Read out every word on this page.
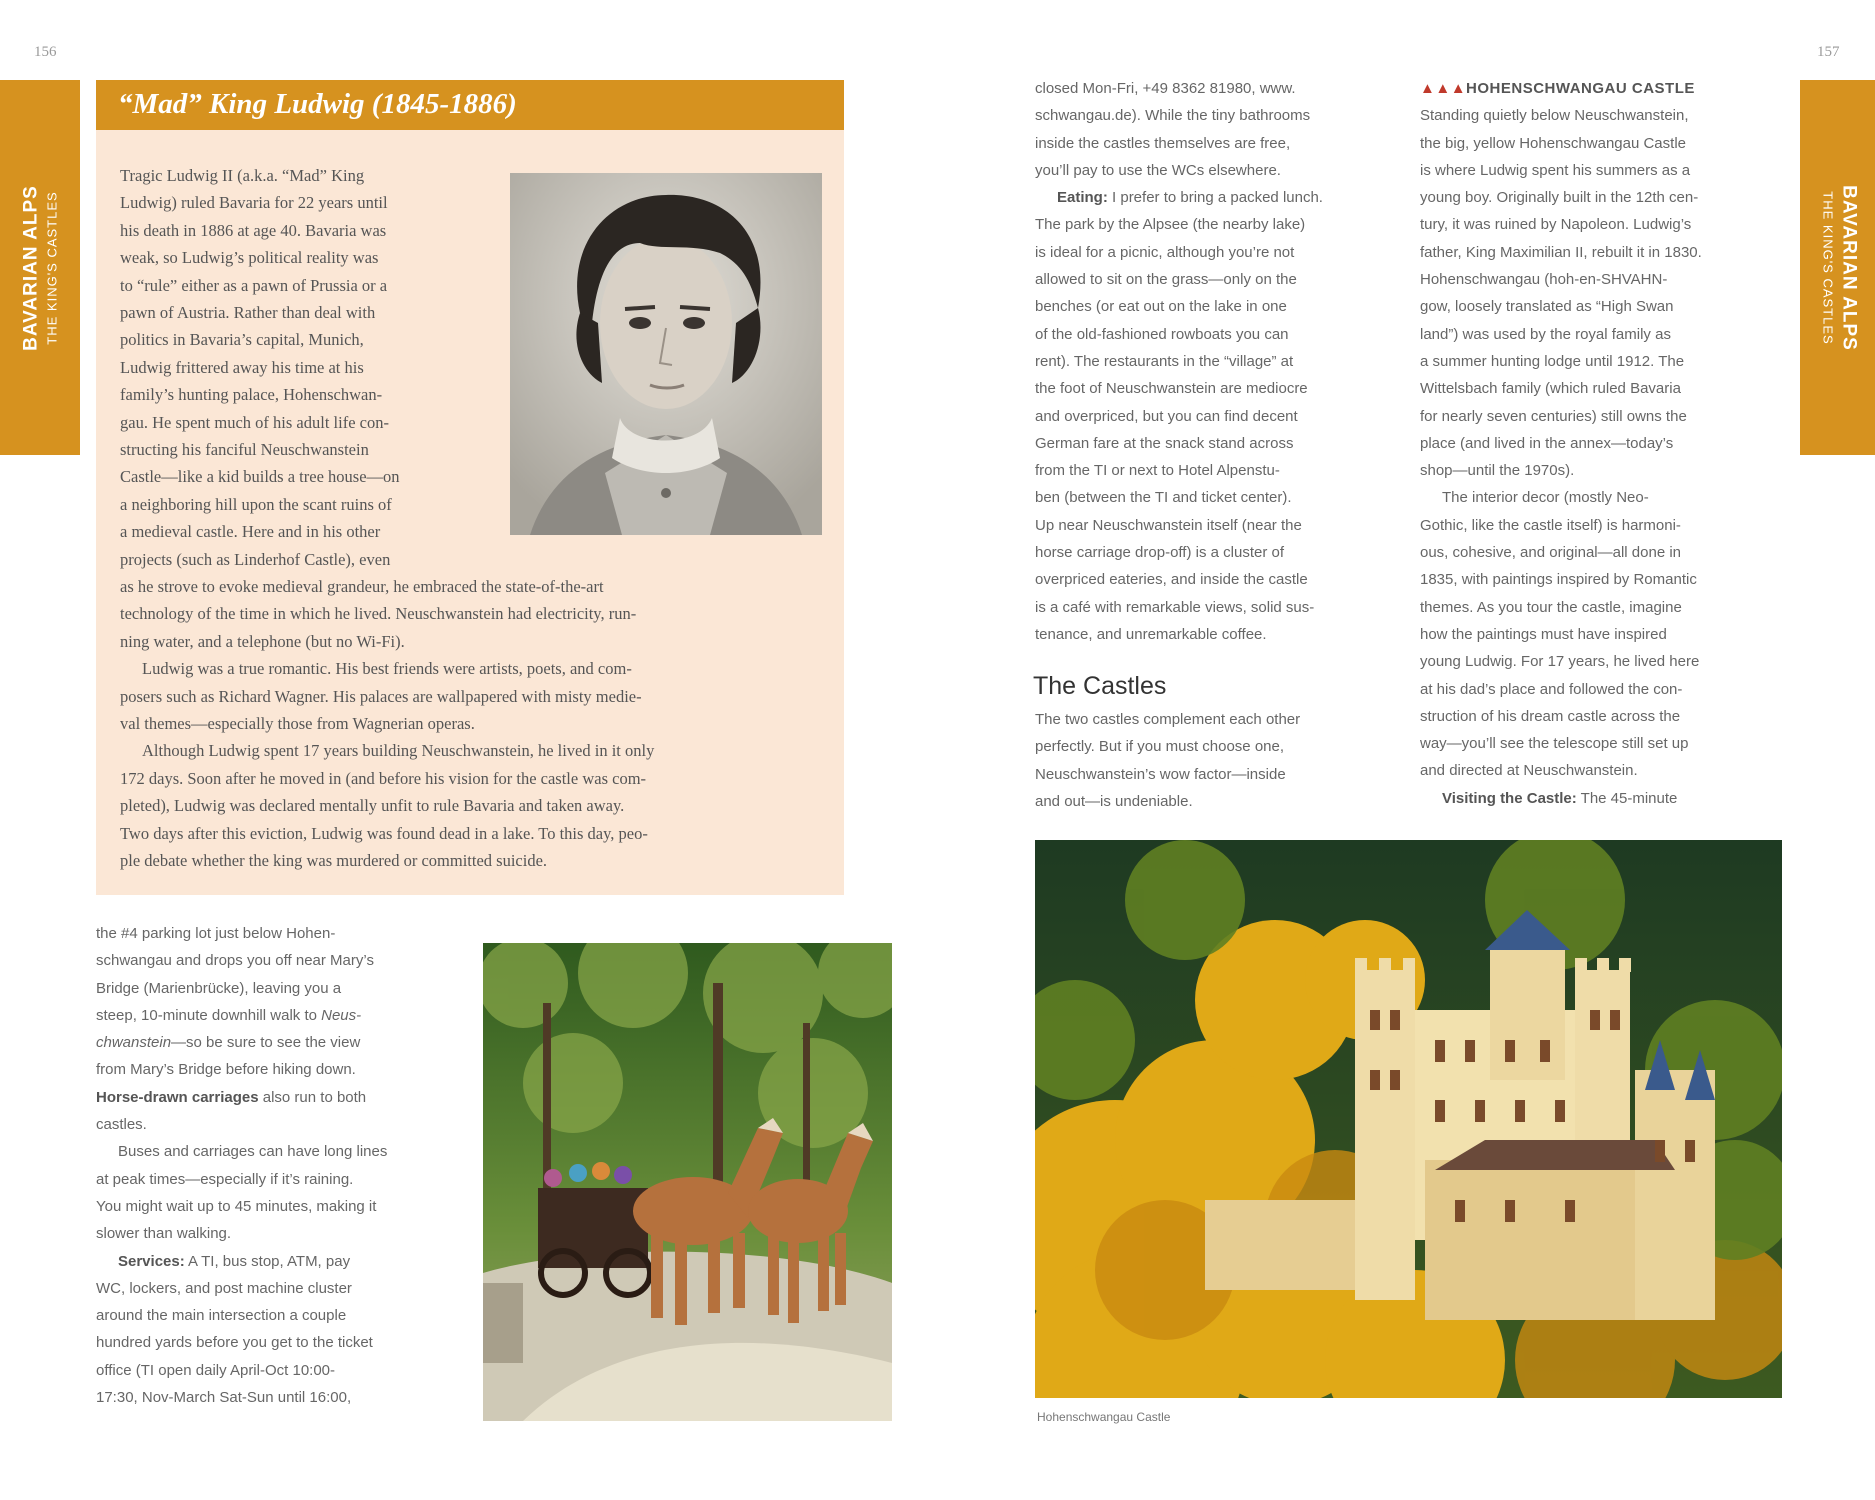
156	157
BAVARIAN ALPS THE KING'S CASTLES	BAVARIAN ALPS
THE KING'S CASTLES
“Mad” King Ludwig (1845-1886)

Tragic Ludwig II (a.k.a. “Mad” King

Ludwig) ruled Bavaria for 22 years until

his death in 1886 at age 40. Bavaria was

weak, so Ludwig’s political reality was

to “rule” either as a pawn of Prussia or a

pawn of Austria. Rather than deal with

politics in Bavaria’s capital, Munich,

Ludwig frittered away his time at his

family’s hunting palace, Hohenschwan-

gau. He spent much of his adult life con-

structing his fanciful Neuschwanstein

Castle—like a kid builds a tree house—on

a neighboring hill upon the scant ruins of

a medieval castle. Here and in his other

projects (such as Linderhof Castle), even

as he strove to evoke medieval grandeur, he embraced the state-of-the-art

technology of the time in which he lived. Neuschwanstein had electricity, run-

ning water, and a telephone (but no Wi-Fi).

Ludwig was a true romantic. His best friends were artists, poets, and com-

posers such as Richard Wagner. His palaces are wallpapered with misty medie-

val themes—especially those from Wagnerian operas.

Although Ludwig spent 17 years building Neuschwanstein, he lived in it only

172 days. Soon after he moved in (and before his vision for the castle was com-

pleted), Ludwig was declared mentally unfit to rule Bavaria and taken away.

Two days after this eviction, Ludwig was found dead in a lake. To this day, peo-

ple debate whether the king was murdered or committed suicide.

the #4 parking lot just below Hohen-

schwangau and drops you off near Mary’s

Bridge (Marienbrücke), leaving you a

steep, 10-minute downhill walk to Neus-

chwanstein—so be sure to see the view

from Mary’s Bridge before hiking down.

Horse-drawn carriages also run to both

castles.

Buses and carriages can have long lines

at peak times—especially if it’s raining.

You might wait up to 45 minutes, making it

slower than walking.

Services: A TI, bus stop, ATM, pay

WC, lockers, and post machine cluster

around the main intersection a couple

hundred yards before you get to the ticket

office (TI open daily April-Oct 10:00-

17:30, Nov-March Sat-Sun until 16:00,

closed Mon-Fri, +49 8362 81980, www.

schwangau.de). While the tiny bathrooms

inside the castles themselves are free,

you’ll pay to use the WCs elsewhere.

Eating: I prefer to bring a packed lunch.

The park by the Alpsee (the nearby lake)

is ideal for a picnic, although you’re not

allowed to sit on the grass—only on the

benches (or eat out on the lake in one

of the old-fashioned rowboats you can

rent). The restaurants in the “village” at

the foot of Neuschwanstein are mediocre

and overpriced, but you can find decent

German fare at the snack stand across

from the TI or next to Hotel Alpenstu-

ben (between the TI and ticket center).

Up near Neuschwanstein itself (near the

horse carriage drop-off) is a cluster of

overpriced eateries, and inside the castle

is a café with remarkable views, solid sus-

tenance, and unremarkable coffee.

The Castles

The two castles complement each other

perfectly. But if you must choose one,

Neuschwanstein’s wow factor—inside

and out—is undeniable.

▲▲▲HOHENSCHWANGAU CASTLE

Standing quietly below Neuschwanstein,

the big, yellow Hohenschwangau Castle

is where Ludwig spent his summers as a

young boy. Originally built in the 12th cen-

tury, it was ruined by Napoleon. Ludwig’s

father, King Maximilian II, rebuilt it in 1830.

Hohenschwangau (hoh-en-SHVAHN-

gow, loosely translated as “High Swan

land”) was used by the royal family as

a summer hunting lodge until 1912. The

Wittelsbach family (which ruled Bavaria

for nearly seven centuries) still owns the

place (and lived in the annex—today’s

shop—until the 1970s).

The interior decor (mostly Neo-

Gothic, like the castle itself) is harmoni-

ous, cohesive, and original—all done in

1835, with paintings inspired by Romantic

themes. As you tour the castle, imagine

how the paintings must have inspired

young Ludwig. For 17 years, he lived here

at his dad’s place and followed the con-

struction of his dream castle across the

way—you’ll see the telescope still set up

and directed at Neuschwanstein.

Visiting the Castle: The 45-minute

Hohenschwangau Castle
